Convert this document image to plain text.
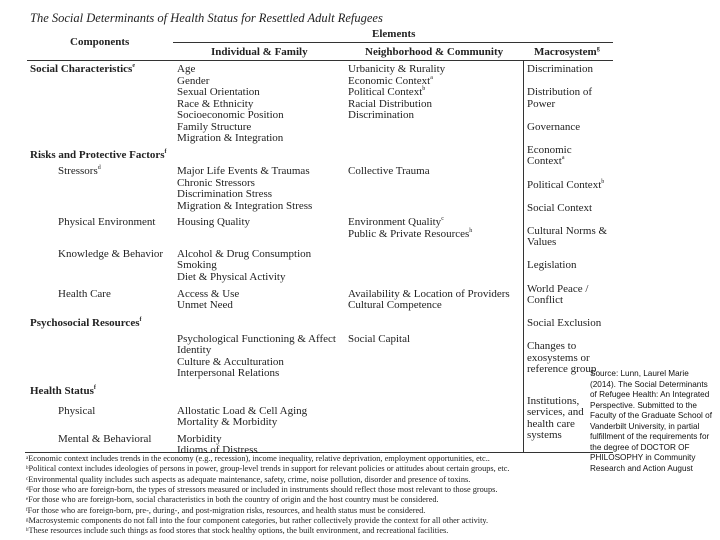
The Social Determinants of Health Status for Resettled Adult Refugees
Components
Elements
Individual & Family	Neighborhood & Community	Macrosystem$^g$
Social Characteristics$^e$
Risks and Protective Factors$^f$
Psychosocial Resources$^f$
Health Status$^f$
Stressors$^d$
Physical Environment
Knowledge & Behavior
Health Care
Physical
Mental & Behavioral
Age
Gender
Sexual Orientation
Race & Ethnicity
Socioeconomic Position
Family Structure
Migration & Integration
Major Life Events & Traumas
Chronic Stressors
Discrimination Stress
Migration & Integration Stress
Housing Quality
Alcohol & Drug Consumption
Smoking
Diet & Physical Activity
Access & Use
Unmet Need
Psychological Functioning & Affect
Identity
Culture & Acculturation
Interpersonal Relations
Allostatic Load & Cell Aging
Mortality & Morbidity
Morbidity
Idioms of Distress
Urbanicity & Rurality
Economic Context$^a$
Political Context$^b$
Racial Distribution
Discrimination
Collective Trauma
Environment Quality$^c$
Public & Private Resources$^h$
Availability & Location of Providers
Cultural Competence
Social Capital
Discrimination
Distribution of
Power
Governance
Economic
Context$^a$
Political Context$^b$
Social Context
Cultural Norms &
Values
Legislation
World Peace /
Conflict
Social Exclusion
Changes to
exosystems or
reference group
Institutions,
services, and
health care
systems
$^a$Economic context includes trends in the economy (e.g., recession), income inequality, relative deprivation, employment opportunities, etc..
$^b$Political context includes ideologies of persons in power, group-level trends in support for relevant policies or attitudes about certain groups, etc.
$^c$Environmental quality includes such aspects as adequate maintenance, safety, crime, noise pollution, disorder and presence of toxins.
$^d$For those who are foreign-born, the types of stressors measured or included in instruments should reflect those most relevant to those groups.
$^e$For those who are foreign-born, social characteristics in both the country of origin and the host country must be considered.
$^f$For those who are foreign-born, pre-, during-, and post-migration risks, resources, and health status must be considered.
$^g$Macrosystemic components do not fall into the four component categories, but rather collectively provide the context for all other activity.
$^h$These resources include such things as food stores that stock healthy options, the built environment, and recreational facilities.
Source: Lunn, Laurel Marie (2014). The Social Determinants of Refugee Health: An Integrated Perspective. Submitted to the Faculty of the Graduate School of Vanderbilt University, in partial fulfillment of the requirements for the degree of DOCTOR OF PHILOSOPHY in Community Research and Action August
